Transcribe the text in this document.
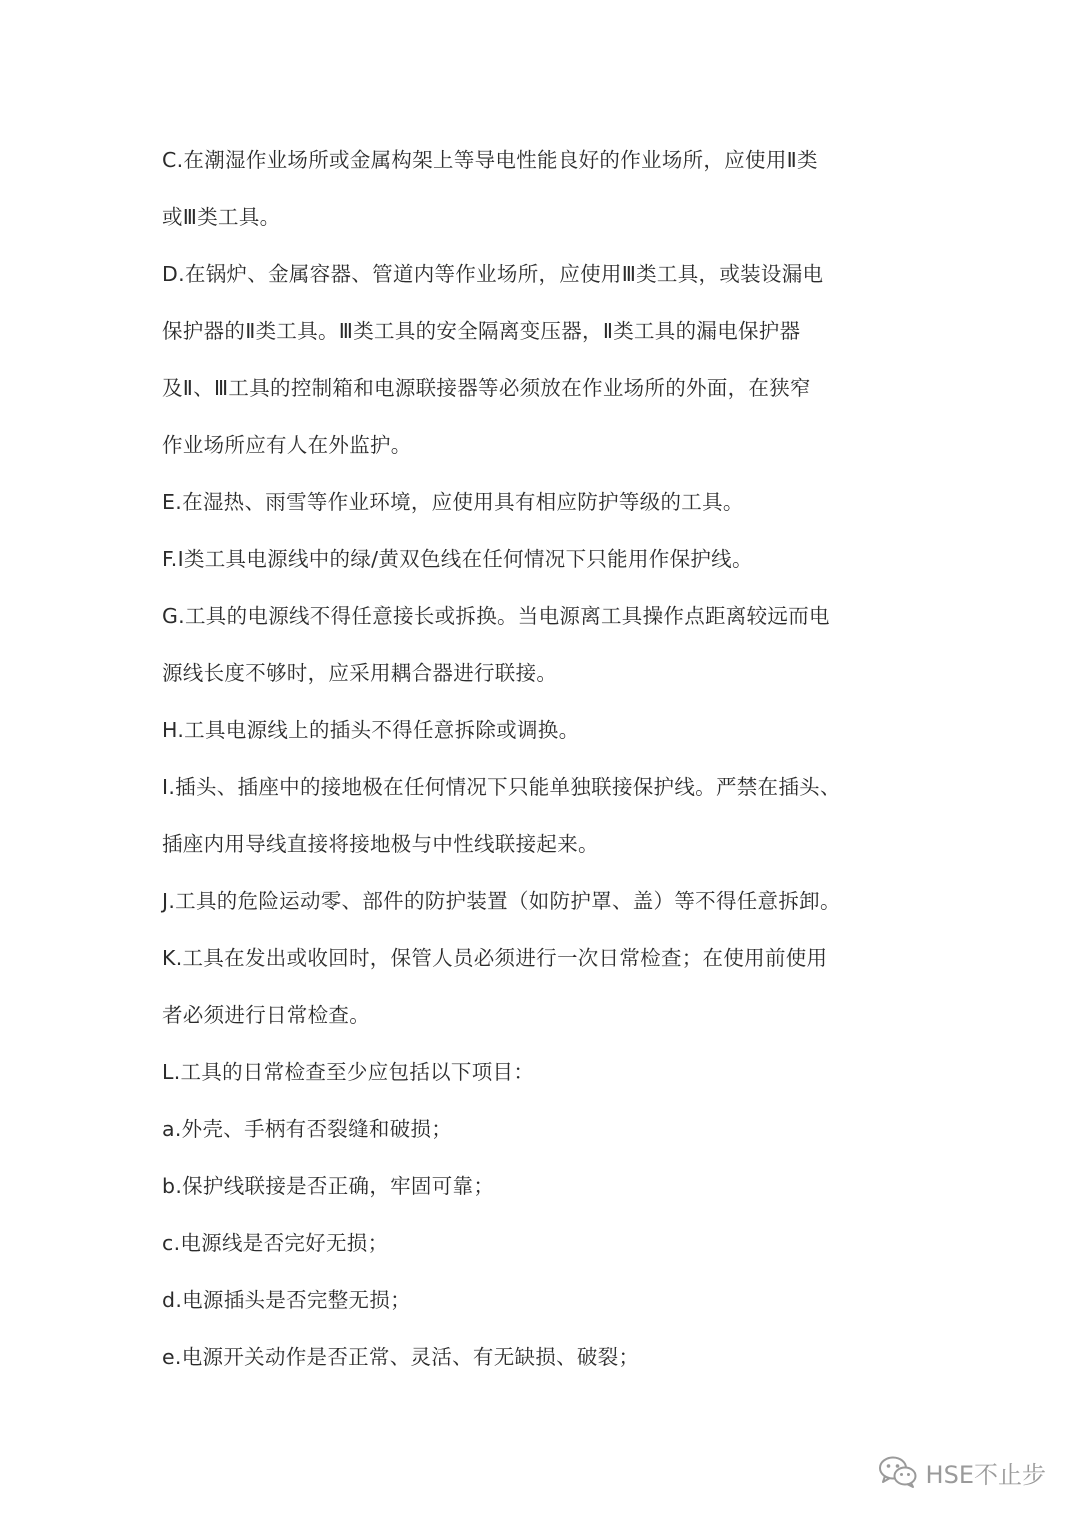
C.在潮湿作业场所或金属构架上等导电性能良好的作业场所，应使用Ⅱ类
或Ⅲ类工具。
D.在锅炉、金属容器、管道内等作业场所，应使用Ⅲ类工具，或装设漏电
保护器的Ⅱ类工具。Ⅲ类工具的安全隔离变压器，Ⅱ类工具的漏电保护器
及Ⅱ、Ⅲ工具的控制箱和电源联接器等必须放在作业场所的外面，在狭窄
作业场所应有人在外监护。
E.在湿热、雨雪等作业环境，应使用具有相应防护等级的工具。
F.Ⅰ类工具电源线中的绿/黄双色线在任何情况下只能用作保护线。
G.工具的电源线不得任意接长或拆换。当电源离工具操作点距离较远而电
源线长度不够时，应采用耦合器进行联接。
H.工具电源线上的插头不得任意拆除或调换。
I.插头、插座中的接地极在任何情况下只能单独联接保护线。严禁在插头、
插座内用导线直接将接地极与中性线联接起来。
J.工具的危险运动零、部件的防护装置（如防护罩、盖）等不得任意拆卸。
K.工具在发出或收回时，保管人员必须进行一次日常检查；在使用前使用
者必须进行日常检查。
L.工具的日常检查至少应包括以下项目：
a.外壳、手柄有否裂缝和破损；
b.保护线联接是否正确，牢固可靠；
c.电源线是否完好无损；
d.电源插头是否完整无损；
e.电源开关动作是否正常、灵活、有无缺损、破裂；
HSE不止步
